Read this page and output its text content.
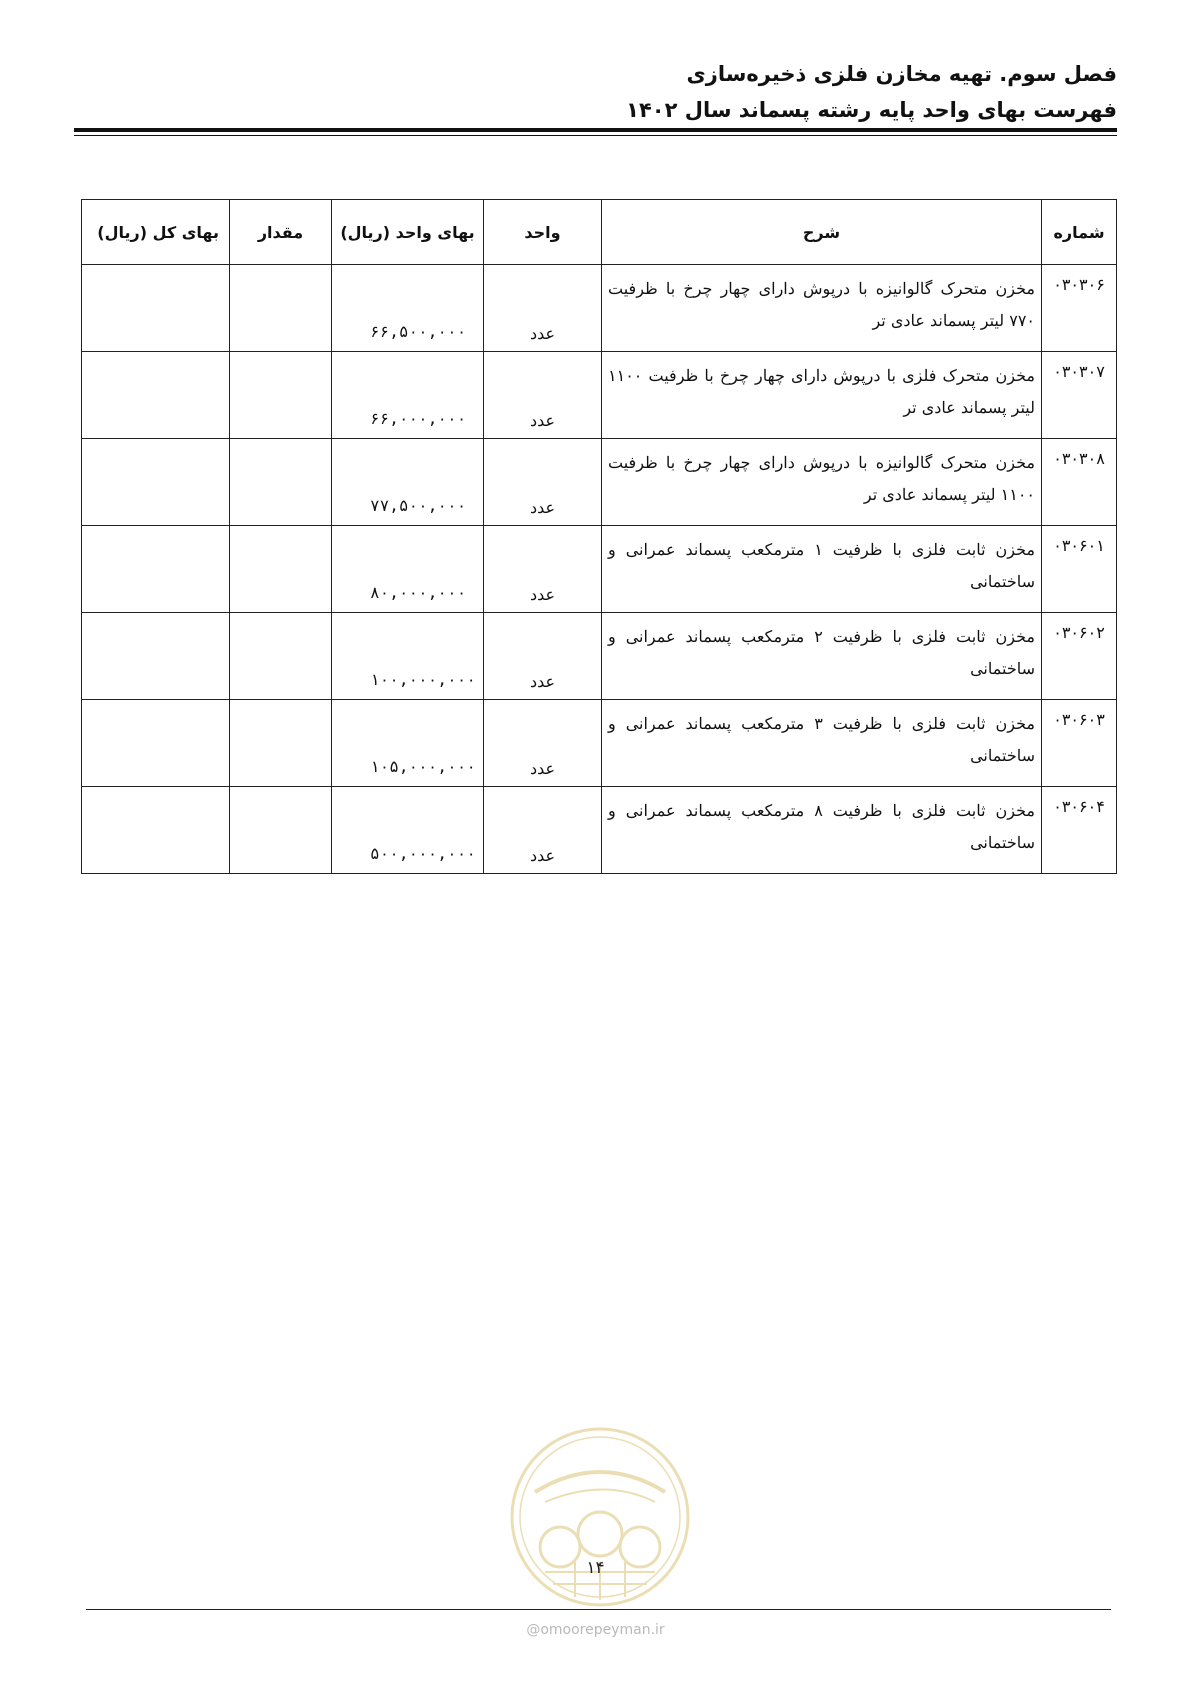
فصل سوم. تهیه مخازن فلزی ذخیره‌سازی
فهرست بهای واحد پایه رشته پسماند سال ۱۴۰۲
شماره	شرح	واحد	بهای واحد (ریال)	مقدار	بهای کل (ریال)
۰۳۰۳۰۶	مخزن متحرک گالوانیزه با درپوش دارای چهار چرخ با ظرفیت ۷۷۰ لیتر پسماند عادی تر	عدد	۶۶,۵۰۰,۰۰۰		
۰۳۰۳۰۷	مخزن متحرک فلزی با درپوش دارای چهار چرخ با ظرفیت ۱۱۰۰ لیتر پسماند عادی تر	عدد	۶۶,۰۰۰,۰۰۰		
۰۳۰۳۰۸	مخزن متحرک گالوانیزه با درپوش دارای چهار چرخ با ظرفیت ۱۱۰۰ لیتر پسماند عادی تر	عدد	۷۷,۵۰۰,۰۰۰		
۰۳۰۶۰۱	مخزن ثابت فلزی با ظرفیت ۱ مترمکعب پسماند عمرانی و ساختمانی	عدد	۸۰,۰۰۰,۰۰۰		
۰۳۰۶۰۲	مخزن ثابت فلزی با ظرفیت ۲ مترمکعب پسماند عمرانی و ساختمانی	عدد	۱۰۰,۰۰۰,۰۰۰		
۰۳۰۶۰۳	مخزن ثابت فلزی با ظرفیت ۳ مترمکعب پسماند عمرانی و ساختمانی	عدد	۱۰۵,۰۰۰,۰۰۰		
۰۳۰۶۰۴	مخزن ثابت فلزی با ظرفیت ۸ مترمکعب پسماند عمرانی و ساختمانی	عدد	۵۰۰,۰۰۰,۰۰۰		
۱۴
@omoorepeyman.ir
